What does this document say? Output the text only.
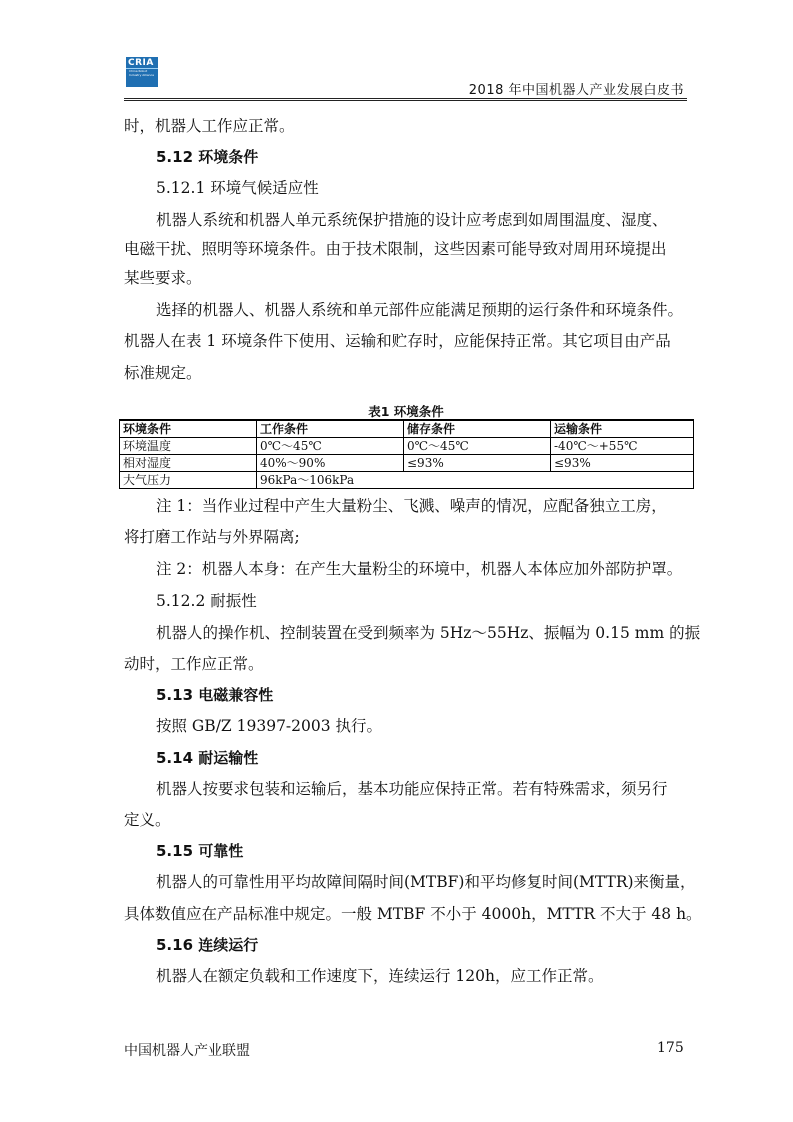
CRIA
China Robot Industry Alliance
2018 年中国机器人产业发展白皮书
时，机器人工作应正常。
5.12 环境条件
5.12.1 环境气候适应性
机器人系统和机器人单元系统保护措施的设计应考虑到如周围温度、湿度、
电磁干扰、照明等环境条件。由于技术限制，这些因素可能导致对周用环境提出
某些要求。
选择的机器人、机器人系统和单元部件应能满足预期的运行条件和环境条件。
机器人在表 1 环境条件下使用、运输和贮存时，应能保持正常。其它项目由产品
标准规定。
表1 环境条件
环境条件	工作条件	储存条件	运输条件
环境温度	0℃～45℃	0℃～45℃	-40℃～+55℃
相对湿度	40%～90%	≤93%	≤93%
大气压力	96kPa～106kPa		
注 1：当作业过程中产生大量粉尘、飞溅、噪声的情况，应配备独立工房，
将打磨工作站与外界隔离;
注 2：机器人本身：在产生大量粉尘的环境中，机器人本体应加外部防护罩。
5.12.2 耐振性
机器人的操作机、控制装置在受到频率为 5Hz～55Hz、振幅为 0.15 mm 的振
动时，工作应正常。
5.13 电磁兼容性
按照 GB/Z 19397-2003 执行。
5.14 耐运输性
机器人按要求包装和运输后，基本功能应保持正常。若有特殊需求，须另行
定义。
5.15 可靠性
机器人的可靠性用平均故障间隔时间(MTBF)和平均修复时间(MTTR)来衡量，
具体数值应在产品标准中规定。一般 MTBF 不小于 4000h，MTTR 不大于 48 h。
5.16 连续运行
机器人在额定负载和工作速度下，连续运行 120h，应工作正常。
中国机器人产业联盟	175
